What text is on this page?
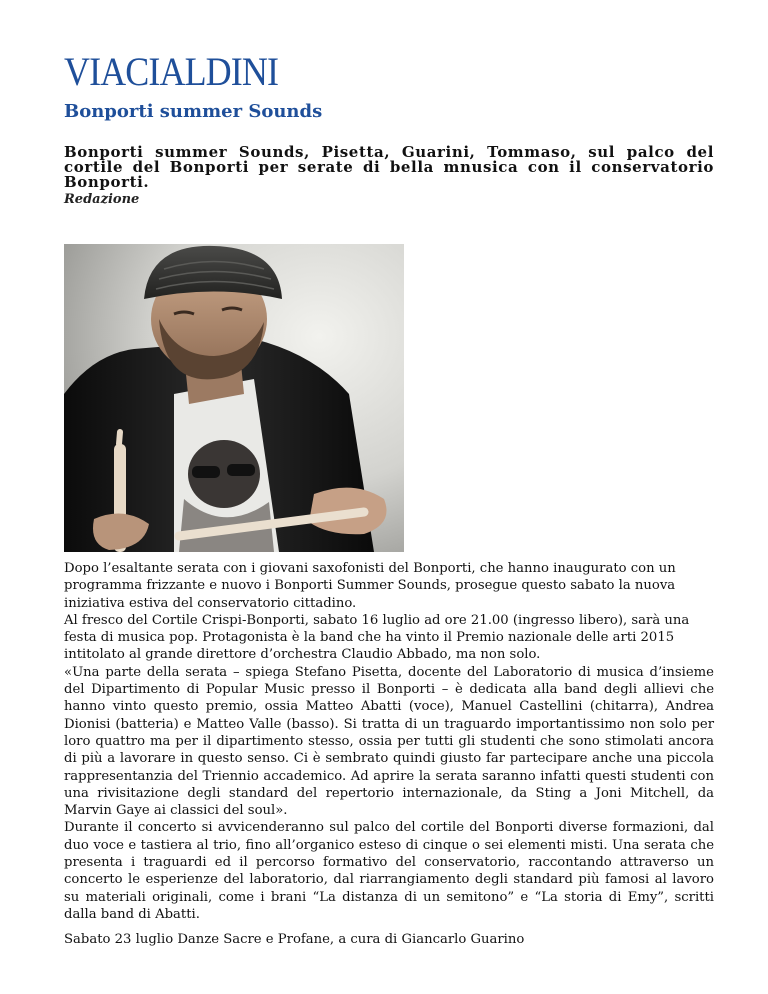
VIACIALDINI
Bonporti summer Sounds
Bonporti summer Sounds, Pisetta, Guarini, Tommaso, sul palco del cortile del Bonporti per serate di bella mnusica con il conservatorio Bonporti.
Redazione

Dopo l’esaltante serata con i giovani saxofonisti del Bonporti, che hanno inaugurato con un programma frizzante e nuovo i Bonporti Summer Sounds, prosegue questo sabato la nuova iniziativa estiva del conservatorio cittadino.

Al fresco del Cortile Crispi-Bonporti, sabato 16 luglio ad ore 21.00 (ingresso libero), sarà una festa di musica pop. Protagonista è la band che ha vinto il Premio nazionale delle arti 2015 intitolato al grande direttore d’orchestra Claudio Abbado, ma non solo.

«Una parte della serata – spiega Stefano Pisetta, docente del Laboratorio di musica d’insieme del Dipartimento di Popular Music presso il Bonporti – è dedicata alla band degli allievi che hanno vinto questo premio, ossia Matteo Abatti (voce), Manuel Castellini (chitarra), Andrea Dionisi (batteria) e Matteo Valle (basso). Si tratta di un traguardo importantissimo non solo per loro quattro ma per il dipartimento stesso, ossia per tutti gli studenti che sono stimolati ancora di più a lavorare in questo senso. Ci è sembrato quindi giusto far partecipare anche una piccola rappresentanzia del Triennio accademico. Ad aprire la serata saranno infatti questi studenti con una rivisitazione degli standard del repertorio internazionale, da Sting a Joni Mitchell, da Marvin Gaye ai classici del soul».

Durante il concerto si avvicenderanno sul palco del cortile del Bonporti diverse formazioni, dal duo voce e tastiera al trio, fino all’organico esteso di cinque o sei elementi misti. Una serata che presenta i traguardi ed il percorso formativo del conservatorio, raccontando attraverso un concerto le esperienze del laboratorio, dal riarrangiamento degli standard più famosi al lavoro su materiali originali, come i brani “La distanza di un semitono” e “La storia di Emy”, scritti dalla band di Abatti.

Sabato 23 luglio Danze Sacre e Profane, a cura di Giancarlo Guarino
